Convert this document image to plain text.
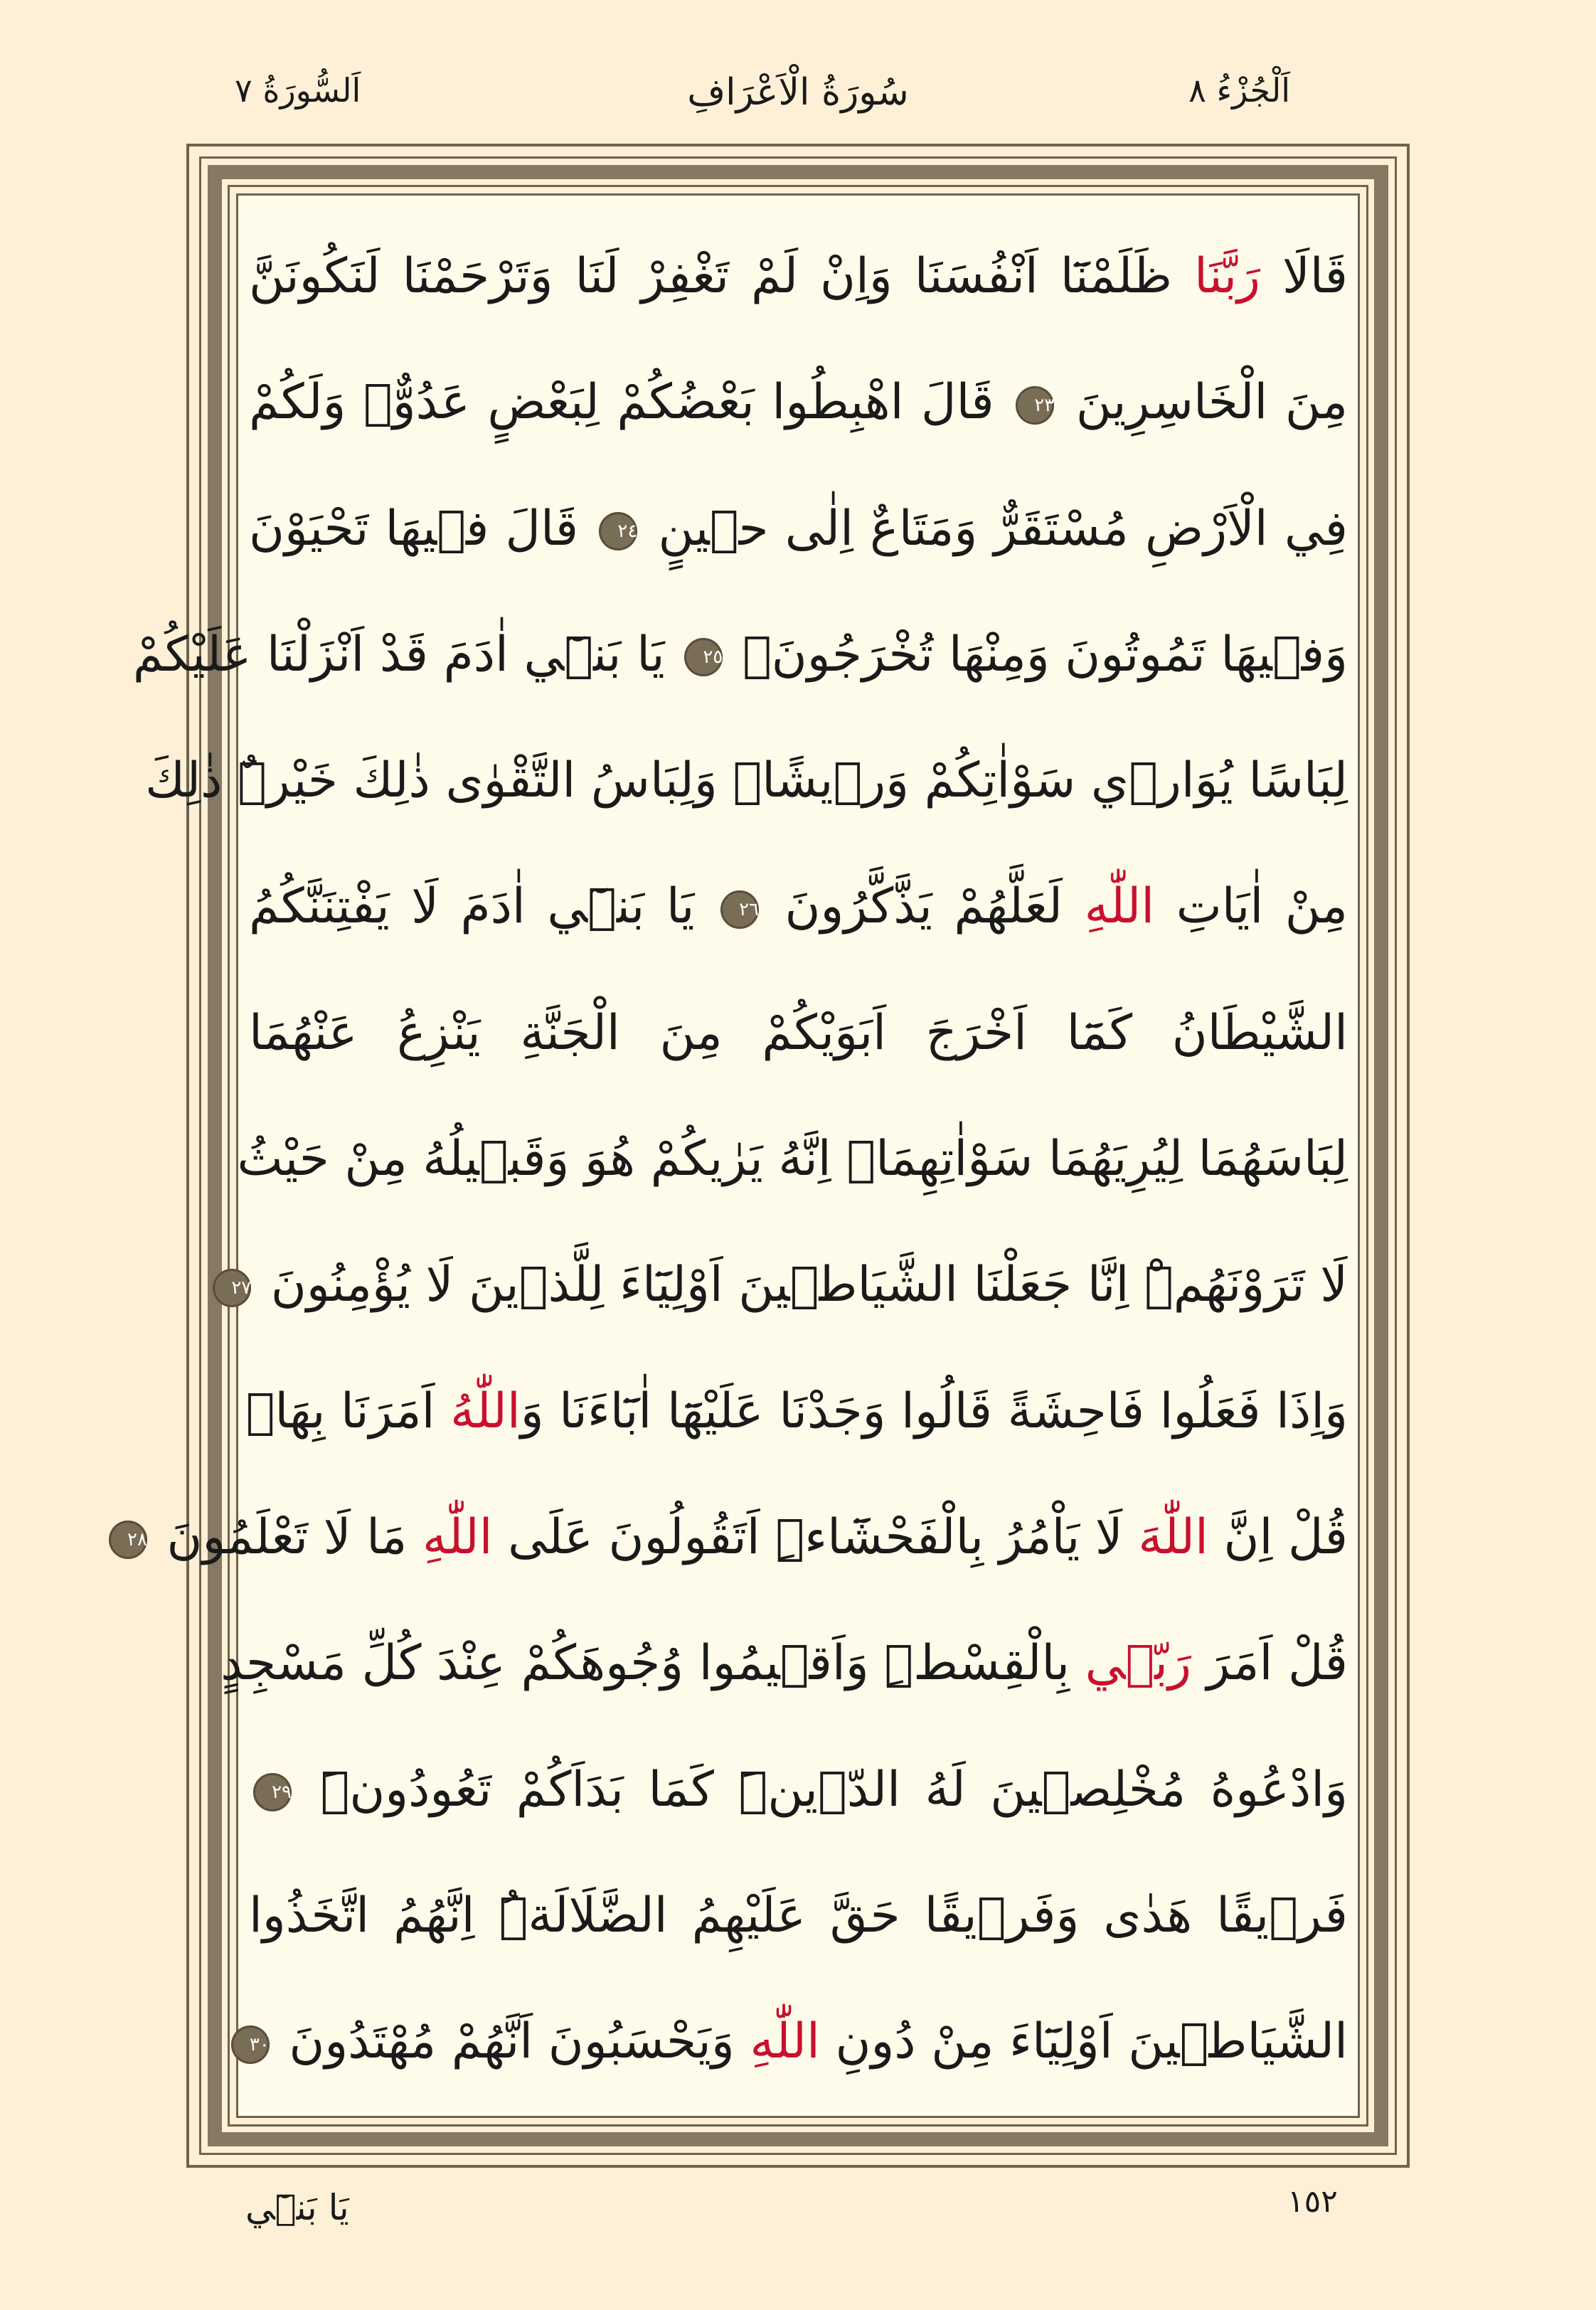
اَلْجُزْءُ ٨
سُورَةُ الْاَعْرَافِ
اَلسُّورَةُ ٧
قَالَا رَبَّنَا ظَلَمْنَٓا اَنْفُسَنَا وَاِنْ لَمْ تَغْفِرْ لَنَا وَتَرْحَمْنَا لَنَكُونَنَّ
مِنَ الْخَاسِرِينَ ٢٣ قَالَ اهْبِطُوا بَعْضُكُمْ لِبَعْضٍ عَدُوٌّۚ وَلَكُمْ
فِي الْاَرْضِ مُسْتَقَرٌّ وَمَتَاعٌ اِلٰى حٖينٍ ٢٤ قَالَ فٖيهَا تَحْيَوْنَ
وَفٖيهَا تَمُوتُونَ وَمِنْهَا تُخْرَجُونَ۟ ٢٥ يَا بَنٖٓي اٰدَمَ قَدْ اَنْزَلْنَا عَلَيْكُمْ
لِبَاسًا يُوَارٖي سَوْاٰتِكُمْ وَرٖيشًاۜ وَلِبَاسُ التَّقْوٰى ذٰلِكَ خَيْرٌۜ ذٰلِكَ
مِنْ اٰيَاتِ اللّٰهِ لَعَلَّهُمْ يَذَّكَّرُونَ ٢٦ يَا بَنٖٓي اٰدَمَ لَا يَفْتِنَنَّكُمُ
الشَّيْطَانُ كَمَٓا اَخْرَجَ اَبَوَيْكُمْ مِنَ الْجَنَّةِ يَنْزِعُ عَنْهُمَا
لِبَاسَهُمَا لِيُرِيَهُمَا سَوْاٰتِهِمَاۜ اِنَّهُ يَرٰيكُمْ هُوَ وَقَبٖيلُهُ مِنْ حَيْثُ
لَا تَرَوْنَهُمْۜ اِنَّا جَعَلْنَا الشَّيَاطٖينَ اَوْلِيَٓاءَ لِلَّذٖينَ لَا يُؤْمِنُونَ ٢٧
وَاِذَا فَعَلُوا فَاحِشَةً قَالُوا وَجَدْنَا عَلَيْهَٓا اٰبَٓاءَنَا وَاللّٰهُ اَمَرَنَا بِهَاۜ
قُلْ اِنَّ اللّٰهَ لَا يَاْمُرُ بِالْفَحْشَٓاءِۜ اَتَقُولُونَ عَلَى اللّٰهِ مَا لَا تَعْلَمُونَ ٢٨
قُلْ اَمَرَ رَبّٖي بِالْقِسْطِۜ وَاَقٖيمُوا وُجُوهَكُمْ عِنْدَ كُلِّ مَسْجِدٍ
وَادْعُوهُ مُخْلِصٖينَ لَهُ الدّٖينَۜ كَمَا بَدَاَكُمْ تَعُودُونَۜ ٢٩
فَرٖيقًا هَدٰى وَفَرٖيقًا حَقَّ عَلَيْهِمُ الضَّلَالَةُۜ اِنَّهُمُ اتَّخَذُوا
الشَّيَاطٖينَ اَوْلِيَٓاءَ مِنْ دُونِ اللّٰهِ وَيَحْسَبُونَ اَنَّهُمْ مُهْتَدُونَ ٣٠
يَا بَنٖٓي	١٥٢
